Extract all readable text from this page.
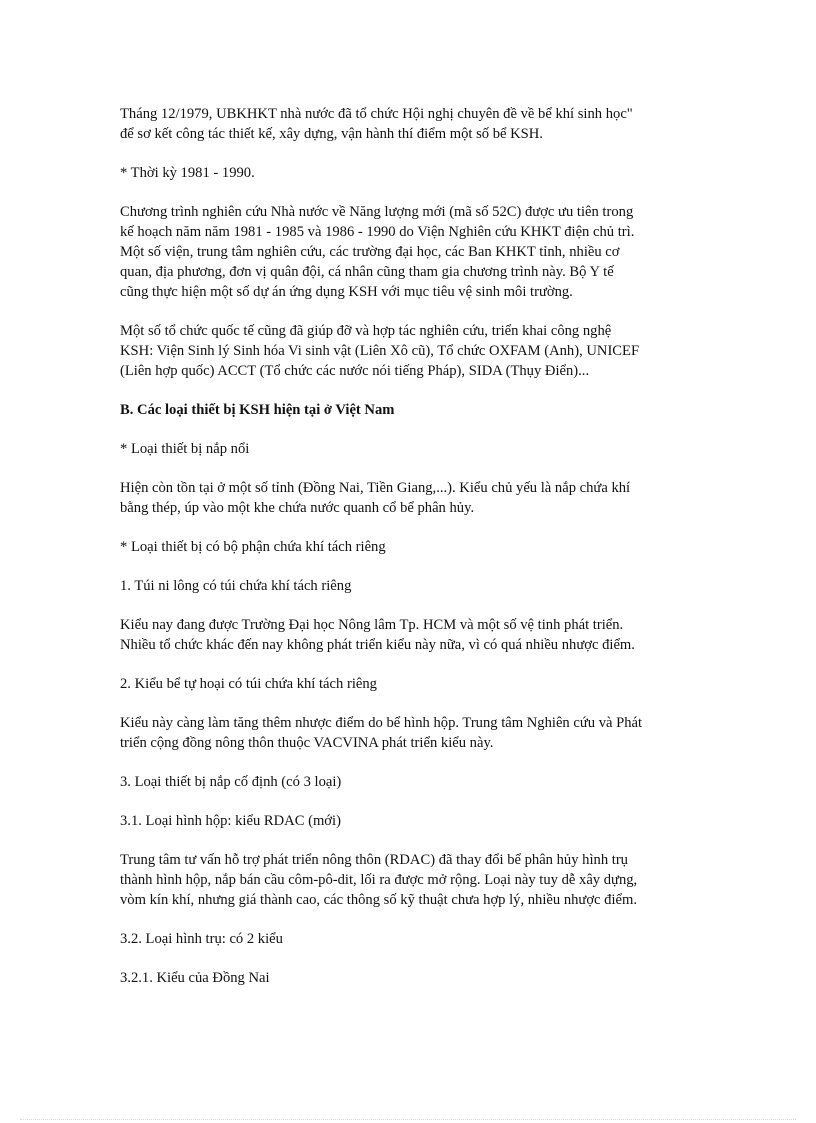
Tháng 12/1979, UBKHKT nhà nước đã tổ chức Hội nghị chuyên đề về bể khí sinh học"
để sơ kết công tác thiết kế, xây dựng, vận hành thí điểm một số bể KSH.
* Thời kỳ 1981 - 1990.
Chương trình nghiên cứu Nhà nước về Năng lượng mới (mã số 52C) được ưu tiên trong
kế hoạch năm năm 1981 - 1985 và 1986 - 1990 do Viện Nghiên cứu KHKT điện chủ trì.
Một số viện, trung tâm nghiên cứu, các trường đại học, các Ban KHKT tỉnh, nhiều cơ
quan, địa phương, đơn vị quân đội, cá nhân cũng tham gia chương trình này. Bộ Y tế
cũng thực hiện một số dự án ứng dụng KSH với mục tiêu vệ sinh môi trường.
Một số tổ chức quốc tế cũng đã giúp đỡ và hợp tác nghiên cứu, triển khai công nghệ
KSH: Viện Sinh lý Sinh hóa Vi sinh vật (Liên Xô cũ), Tổ chức OXFAM (Anh), UNICEF
(Liên hợp quốc) ACCT (Tổ chức các nước nói tiếng Pháp), SIDA (Thụy Điển)...
B. Các loại thiết bị KSH hiện tại ở Việt Nam
* Loại thiết bị nắp nổi
Hiện còn tồn tại ở một số tỉnh (Đồng Nai, Tiền Giang,...). Kiểu chủ yếu là nắp chứa khí
bằng thép, úp vào một khe chứa nước quanh cổ bể phân hủy.
* Loại thiết bị có bộ phận chứa khí tách riêng
1. Túi ni lông có túi chứa khí tách riêng
Kiểu nay đang được Trường Đại học Nông lâm Tp. HCM và một số vệ tinh phát triển.
Nhiều tổ chức khác đến nay không phát triển kiểu này nữa, vì có quá nhiều nhược điểm.
2. Kiểu bể tự hoại có túi chứa khí tách riêng
Kiểu này càng làm tăng thêm nhược điểm do bể hình hộp. Trung tâm Nghiên cứu và Phát
triển cộng đồng nông thôn thuộc VACVINA phát triển kiểu này.
3. Loại thiết bị nắp cố định (có 3 loại)
3.1. Loại hình hộp: kiểu RDAC (mới)
Trung tâm tư vấn hỗ trợ phát triển nông thôn (RDAC) đã thay đổi bể phân hủy hình trụ
thành hình hộp, nắp bán cầu côm-pô-dit, lối ra được mở rộng. Loại này tuy dễ xây dựng,
vòm kín khí, nhưng giá thành cao, các thông số kỹ thuật chưa hợp lý, nhiều nhược điểm.
3.2. Loại hình trụ: có 2 kiểu
3.2.1. Kiểu của Đồng Nai
